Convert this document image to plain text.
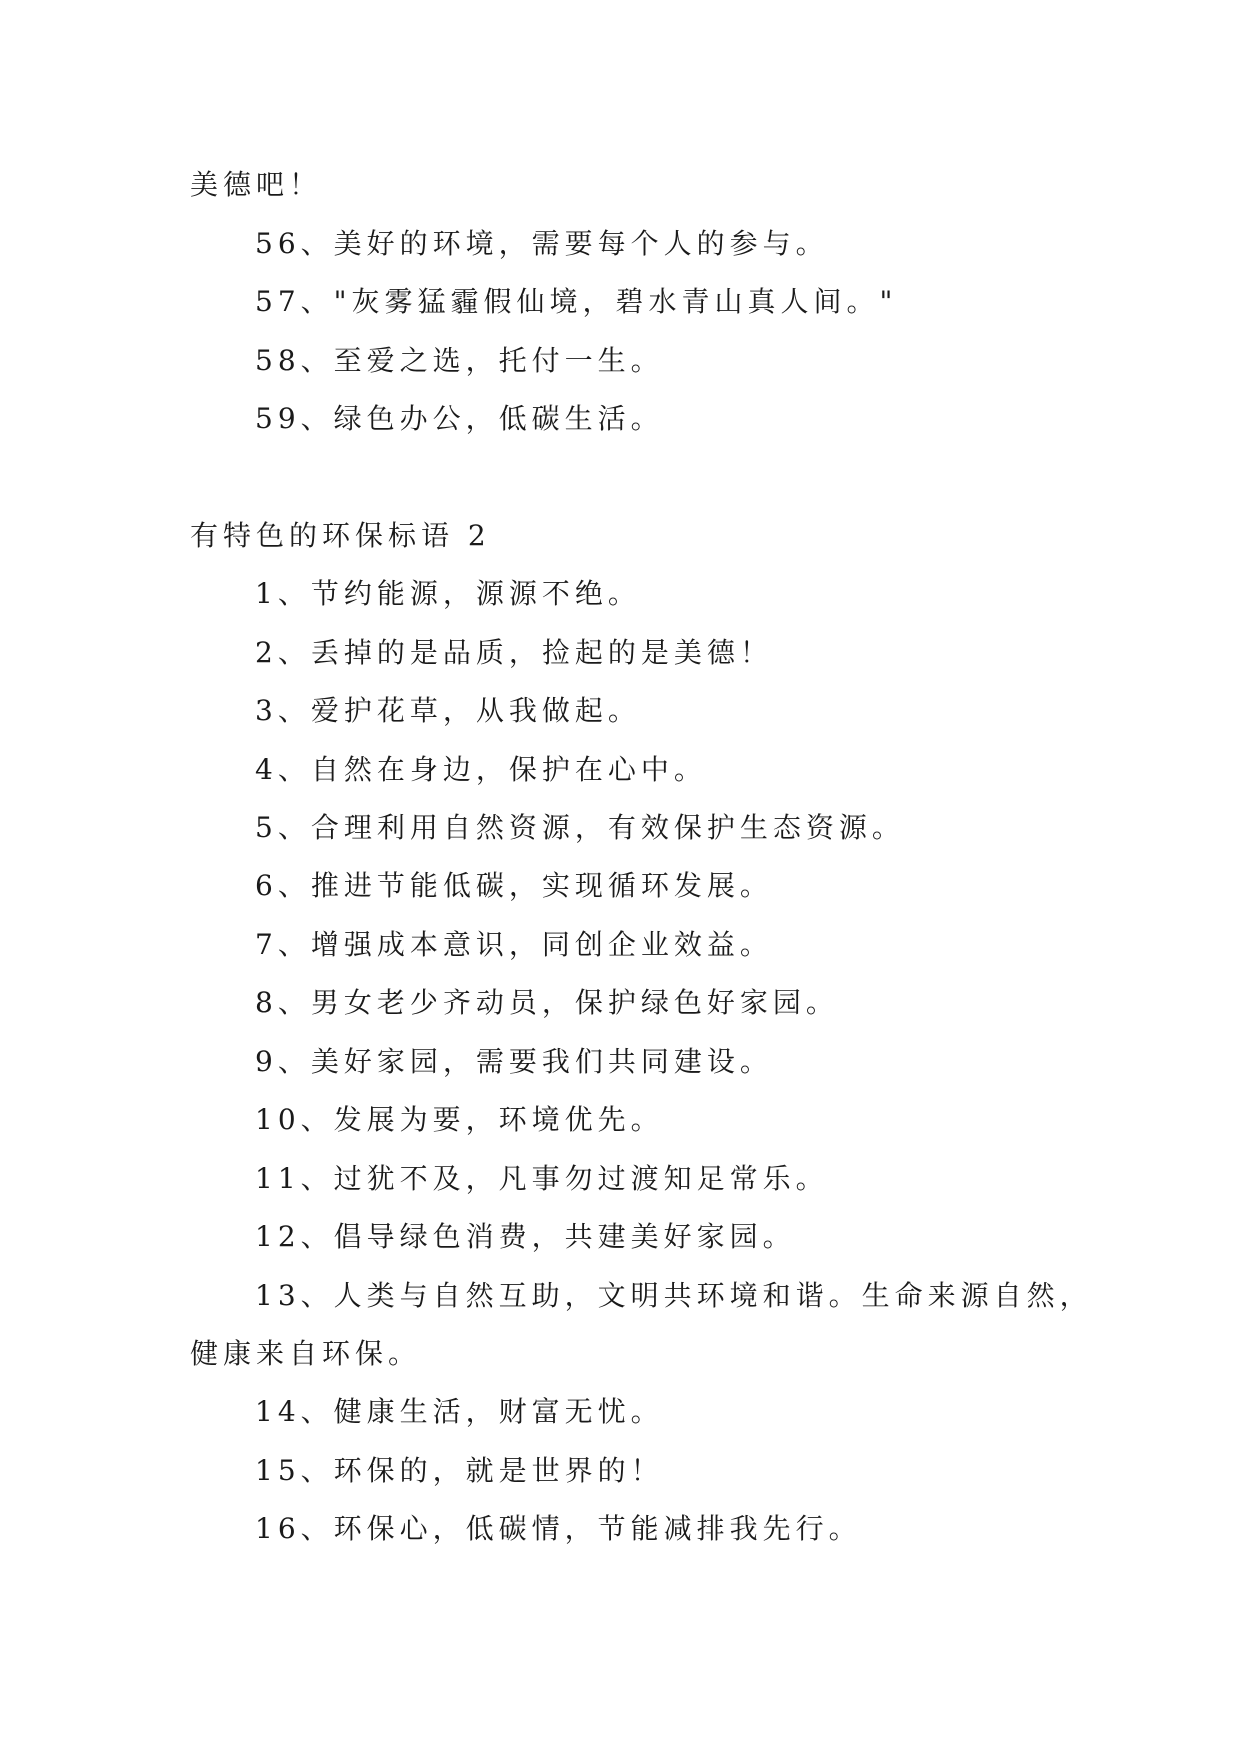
美德吧！
56、美好的环境，需要每个人的参与。
57、"灰雾猛霾假仙境，碧水青山真人间。"
58、至爱之选，托付一生。
59、绿色办公，低碳生活。
有特色的环保标语 2
1、节约能源，源源不绝。
2、丢掉的是品质，捡起的是美德！
3、爱护花草，从我做起。
4、自然在身边，保护在心中。
5、合理利用自然资源，有效保护生态资源。
6、推进节能低碳，实现循环发展。
7、增强成本意识，同创企业效益。
8、男女老少齐动员，保护绿色好家园。
9、美好家园，需要我们共同建设。
10、发展为要，环境优先。
11、过犹不及，凡事勿过渡知足常乐。
12、倡导绿色消费，共建美好家园。
13、人类与自然互助，文明共环境和谐。生命来源自然，
健康来自环保。
14、健康生活，财富无忧。
15、环保的，就是世界的！
16、环保心，低碳情，节能减排我先行。
